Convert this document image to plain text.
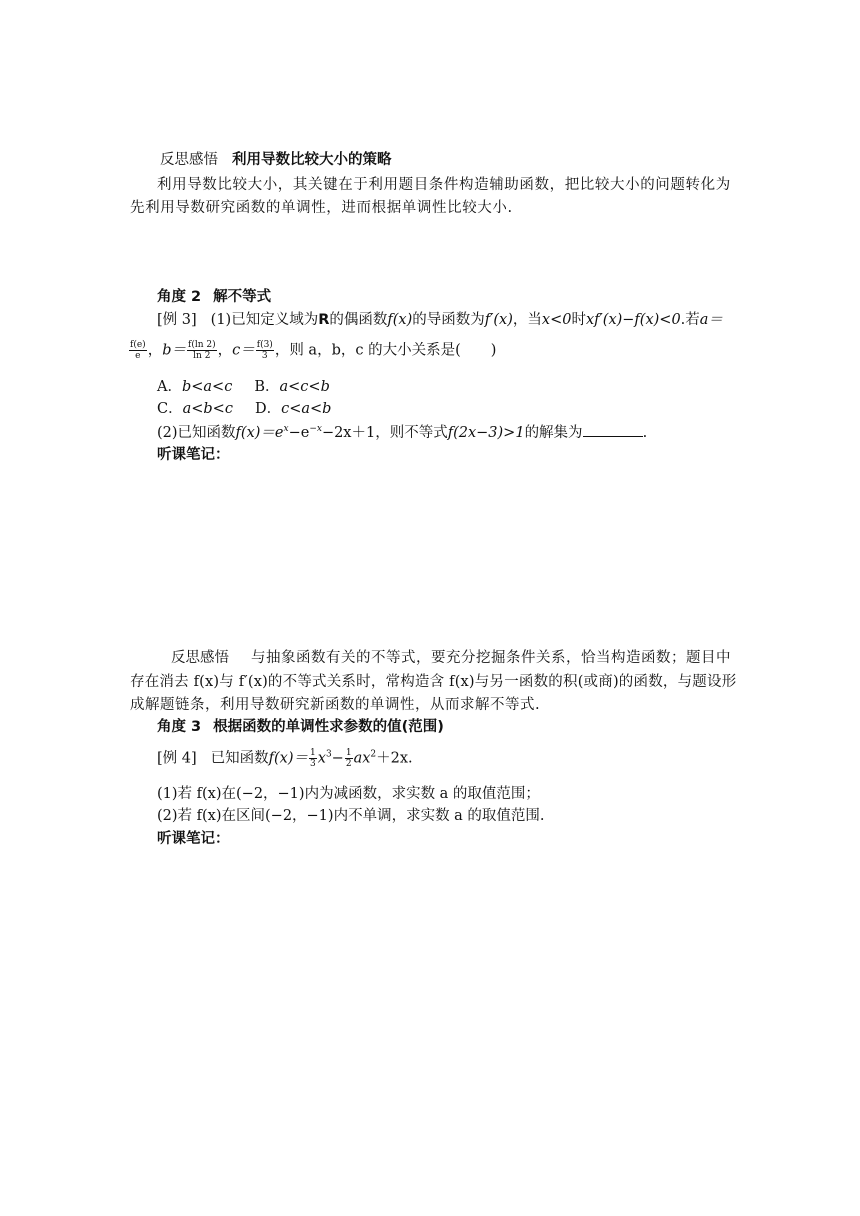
反思感悟 利用导数比较大小的策略
利用导数比较大小，其关键在于利用题目条件构造辅助函数，把比较大小的问题转化为
先利用导数研究函数的单调性，进而根据单调性比较大小.
角度 2 解不等式
[例 3] (1)已知定义域为R的偶函数f(x)的导函数为f′(x)，当x<0时xf′(x)−f(x)<0.若a＝
$\frac{f(e)}{e}$ ，$b= \frac{f(\ln 2)}{\ln 2}$ ，$c= \frac{f(3)}{3}$ ，则 a，b，c 的大小关系是( )
A．b<a<c B．a<c<b
C．a<b<c D．c<a<b
(2)已知函数$f(x)=e^x-e^{-x}-2x+1$，则不等式f(2x−3)>1的解集为	.
听课笔记：
反思感悟 与抽象函数有关的不等式，要充分挖掘条件关系，恰当构造函数；题目中
存在消去 f(x)与 f′(x)的不等式关系时，常构造含 f(x)与另一函数的积(或商)的函数，与题设形
成解题链条，利用导数研究新函数的单调性，从而求解不等式.
角度 3 根据函数的单调性求参数的值(范围)
[例 4] 已知函数$f(x)= \frac{1}{3} x^3- \frac{1}{2} ax^2+2x$.
(1)若 f(x)在(−2，−1)内为减函数，求实数 a 的取值范围；
(2)若 f(x)在区间(−2，−1)内不单调，求实数 a 的取值范围.
听课笔记：
